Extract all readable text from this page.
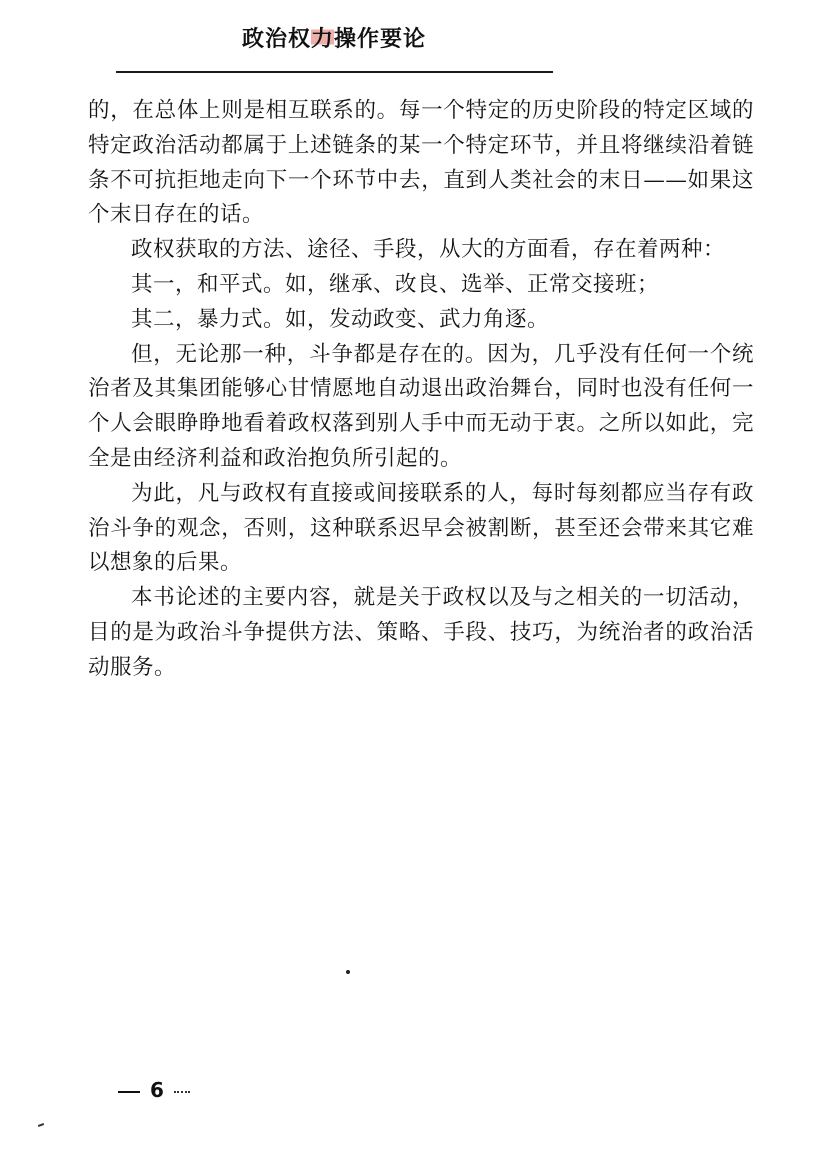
政治权力操作要论

的，在总体上则是相互联系的。每一个特定的历史阶段的特定区域的特定政治活动都属于上述链条的某一个特定环节，并且将继续沿着链条不可抗拒地走向下一个环节中去，直到人类社会的末日——如果这个末日存在的话。

政权获取的方法、途径、手段，从大的方面看，存在着两种：

其一，和平式。如，继承、改良、选举、正常交接班；

其二，暴力式。如，发动政变、武力角逐。

但，无论那一种，斗争都是存在的。因为，几乎没有任何一个统治者及其集团能够心甘情愿地自动退出政治舞台，同时也没有任何一个人会眼睁睁地看着政权落到别人手中而无动于衷。之所以如此，完全是由经济利益和政治抱负所引起的。

为此，凡与政权有直接或间接联系的人，每时每刻都应当存有政治斗争的观念，否则，这种联系迟早会被割断，甚至还会带来其它难以想象的后果。

本书论述的主要内容，就是关于政权以及与之相关的一切活动，目的是为政治斗争提供方法、策略、手段、技巧，为统治者的政治活动服务。

6
